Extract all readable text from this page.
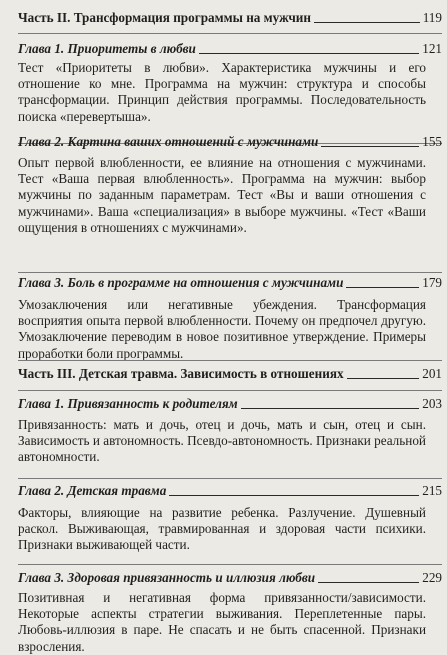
Часть II. Трансформация программы на мужчин	119
Глава 1. Приоритеты в любви	121
Тест «Приоритеты в любви». Характеристика мужчины и его отношение ко мне. Программа на мужчин: структура и способы трансформации. Принцип действия программы. Последовательность поиска «перевертыша».
Глава 2. Картина ваших отношений с мужчинами	155
Опыт первой влюбленности, ее влияние на отношения с мужчинами. Тест «Ваша первая влюбленность». Программа на мужчин: выбор мужчины по заданным параметрам. Тест «Вы и ваши отношения с мужчинами». Ваша «специализация» в выборе мужчины. «Тест «Ваши ощущения в отношениях с мужчинами».
Глава 3. Боль в программе на отношения с мужчинами	179
Умозаключения или негативные убеждения. Трансформация восприятия опыта первой влюбленности. Почему он предпочел другую. Умозаключение переводим в новое позитивное утверждение. Примеры проработки боли программы.
Часть III. Детская травма. Зависимость в отношениях	201
Глава 1. Привязанность к родителям	203
Привязанность: мать и дочь, отец и дочь, мать и сын, отец и сын. Зависимость и автономность. Псевдо-автономность. Признаки реальной автономности.
Глава 2. Детская травма	215
Факторы, влияющие на развитие ребенка. Разлучение. Душевный раскол. Выживающая, травмированная и здоровая части психики. Признаки выживающей части.
Глава 3. Здоровая привязанность и иллюзия любви	229
Позитивная и негативная форма привязанности/зависимости. Некоторые аспекты стратегии выживания. Переплетенные пары. Любовь-иллюзия в паре. Не спасать и не быть спасенной. Признаки взросления.
